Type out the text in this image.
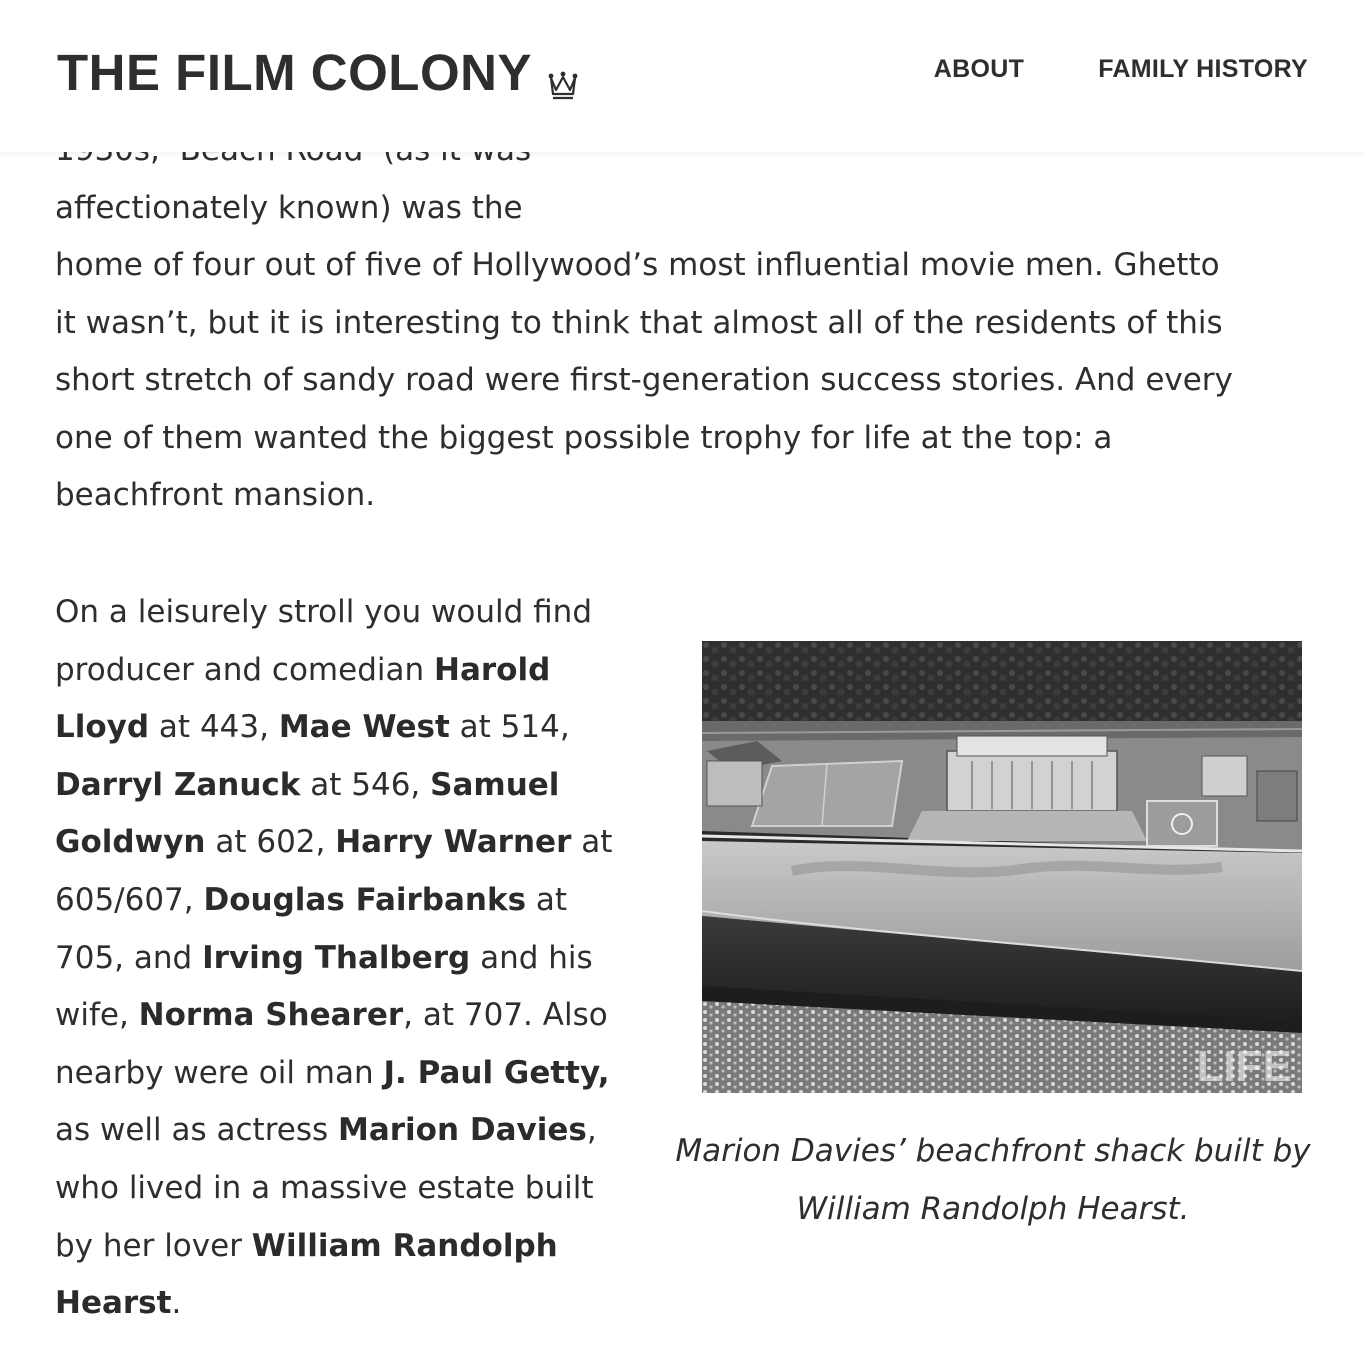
THE FILM COLONY	ABOUT	FAMILY HISTORY

affectionately known) was the
home of four out of five of Hollywood’s most influential movie men. Ghetto
it wasn’t, but it is interesting to think that almost all of the residents of this
short stretch of sandy road were first-generation success stories. And every
one of them wanted the biggest possible trophy for life at the top: a
beachfront mansion.

On a leisurely stroll you would find producer and comedian Harold Lloyd at 443, Mae West at 514, Darryl Zanuck at 546, Samuel Goldwyn at 602, Harry Warner at 605/607, Douglas Fairbanks at 705, and Irving Thalberg and his wife, Norma Shearer, at 707. Also nearby were oil man J. Paul Getty, as well as actress Marion Davies, who lived in a massive estate built by her lover William Randolph Hearst.

LIFE
Marion Davies’ beachfront shack built by
William Randolph Hearst.
